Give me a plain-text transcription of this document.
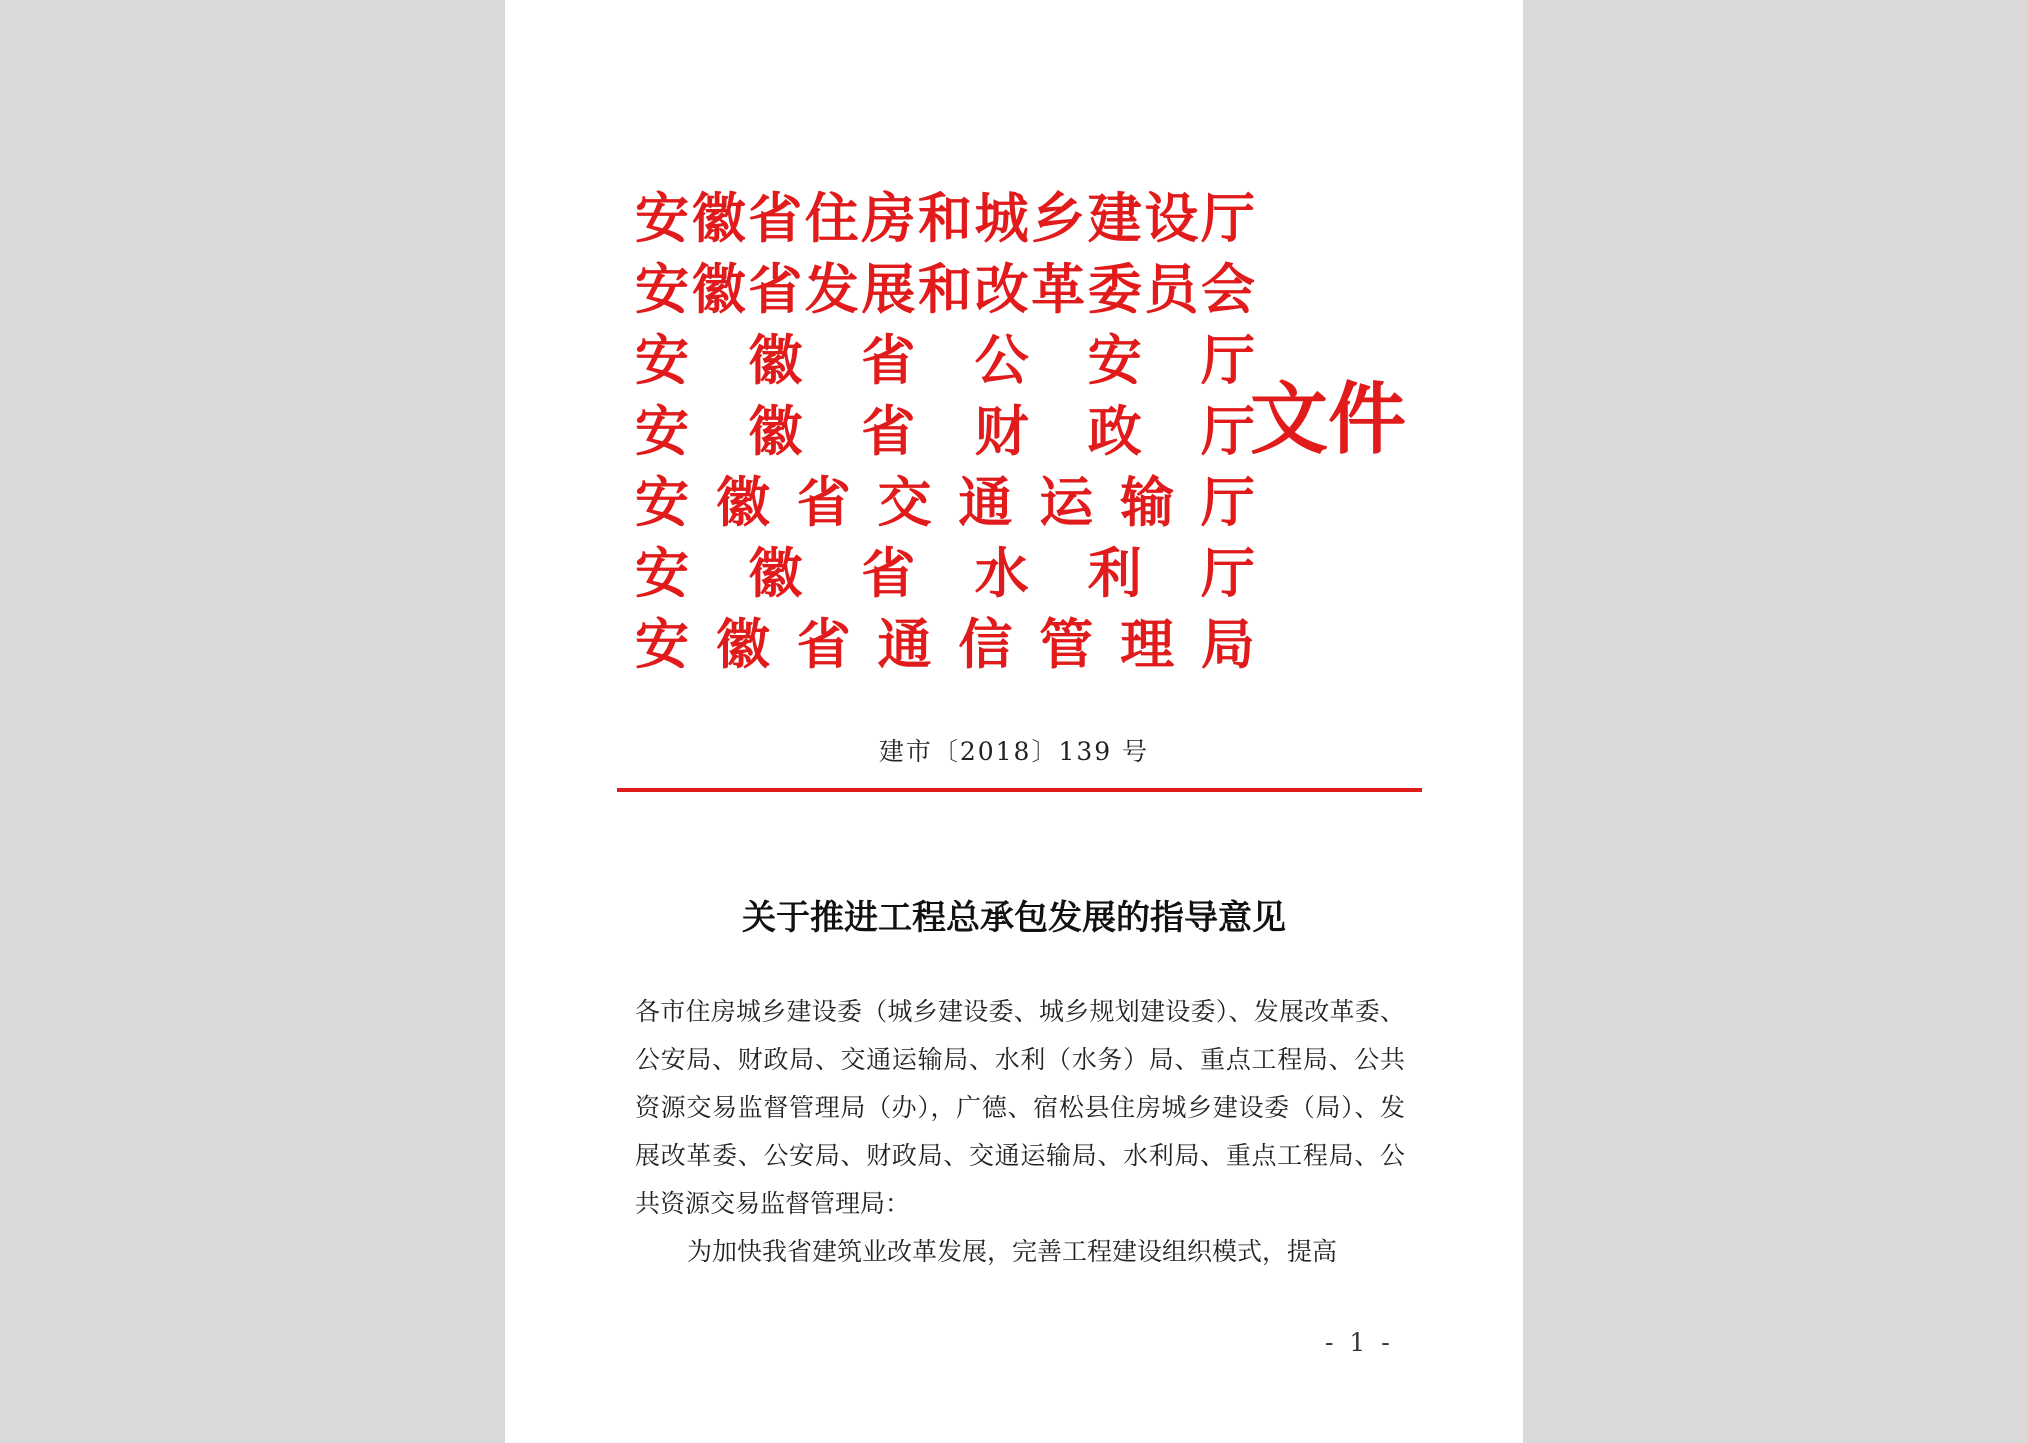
安 徽 省 住 房 和 城 乡 建 设 厅
安 徽 省 发 展 和 改 革 委 员 会
安 徽 省 公 安 厅
安 徽 省 财 政 厅
安 徽 省 交 通 运 输 厅
安 徽 省 水 利 厅
安 徽 省 通 信 管 理 局
文件
建市〔2018〕139 号
关于推进工程总承包发展的指导意见
各市住房城乡建设委（城乡建设委、城乡规划建设委）、发展改革委、公安局、财政局、交通运输局、水利（水务）局、重点工程局、公共资源交易监督管理局（办），广德、宿松县住房城乡建设委（局）、发展改革委、公安局、财政局、交通运输局、水利局、重点工程局、公共资源交易监督管理局：
为加快我省建筑业改革发展，完善工程建设组织模式，提高
- 1 -
